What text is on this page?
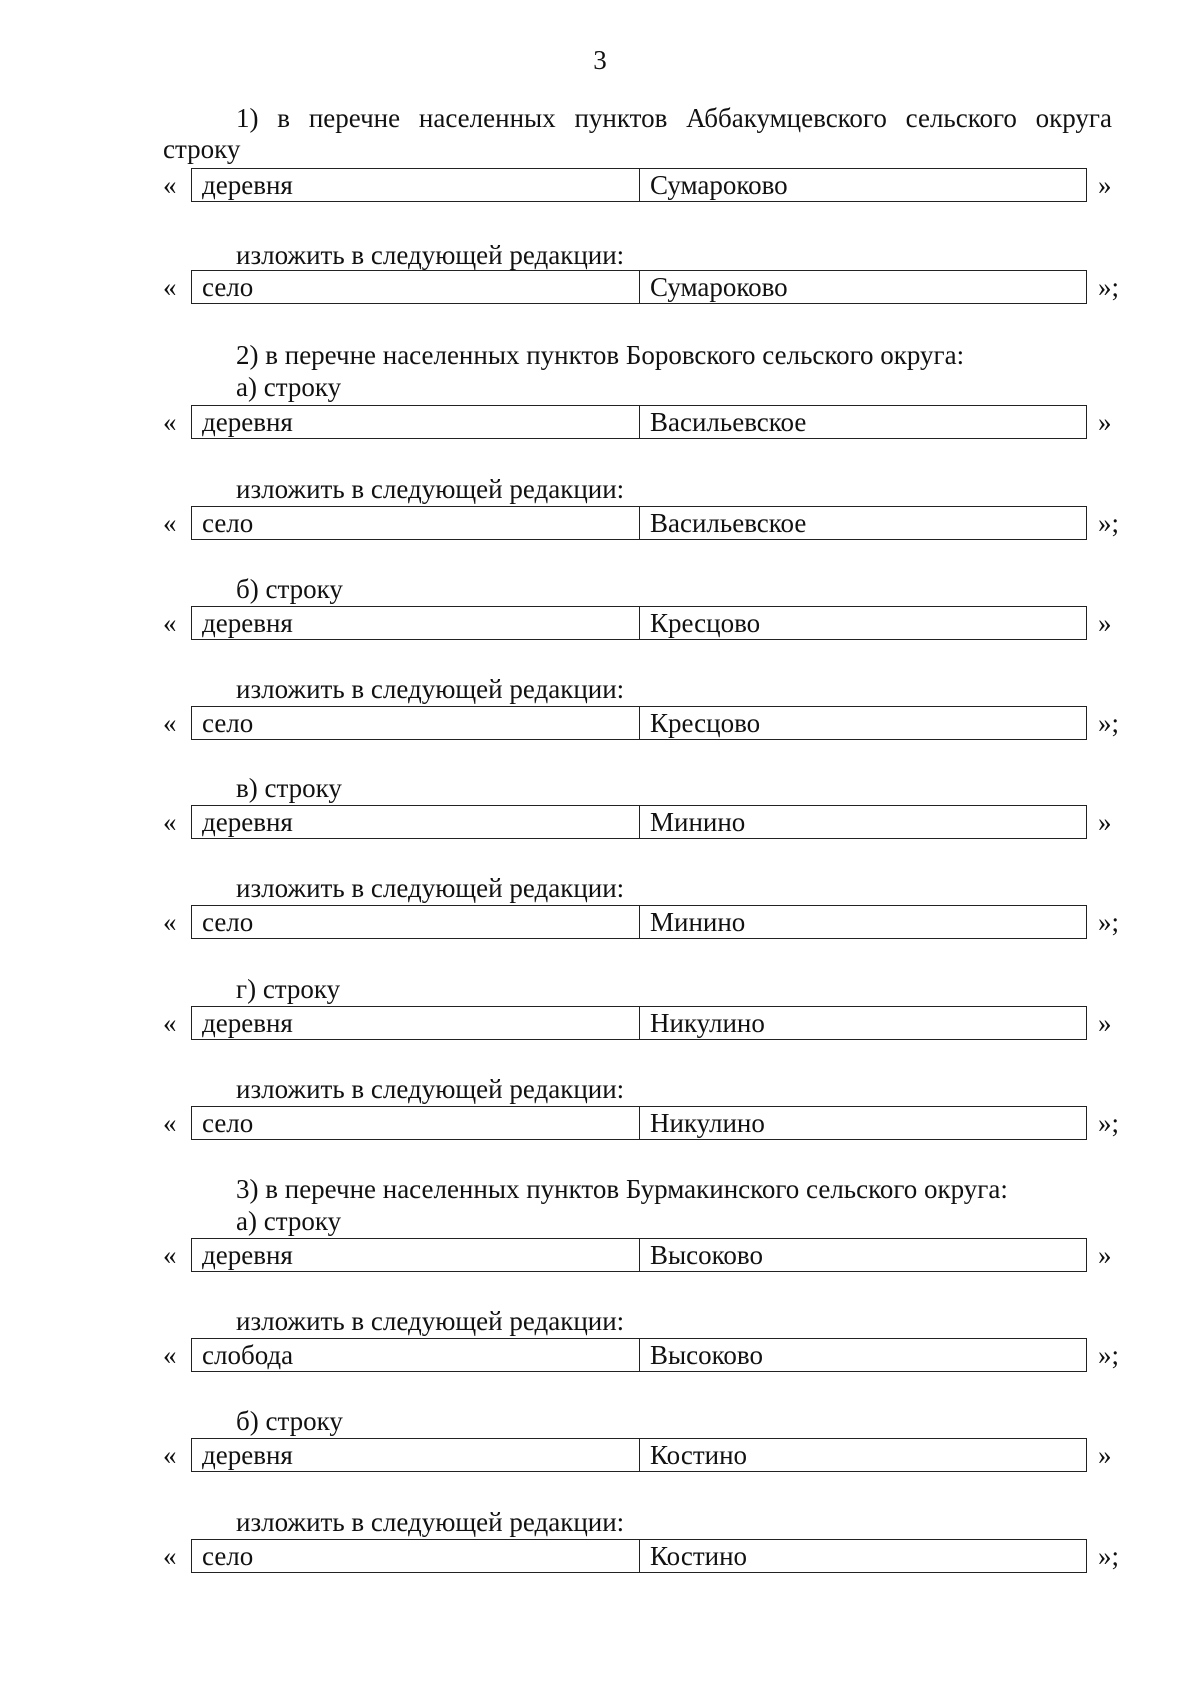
3
1) в перечне населенных пунктов Аббакумцевского сельского округа
строку
« деревня	Сумароково	»
изложить в следующей редакции:
« село	Сумароково	»;
2) в перечне населенных пунктов Боровского сельского округа:
а) строку
« деревня	Васильевское	»
изложить в следующей редакции:
« село	Васильевское	»;
б) строку
« деревня	Кресцово	»
изложить в следующей редакции:
« село	Кресцово	»;
в) строку
« деревня	Минино	»
изложить в следующей редакции:
« село	Минино	»;
г) строку
« деревня	Никулино	»
изложить в следующей редакции:
« село	Никулино	»;
3) в перечне населенных пунктов Бурмакинского сельского округа:
а) строку
« деревня	Высоково	»
изложить в следующей редакции:
« слобода	Высоково	»;
б) строку
« деревня	Костино	»
изложить в следующей редакции:
« село	Костино	»;
